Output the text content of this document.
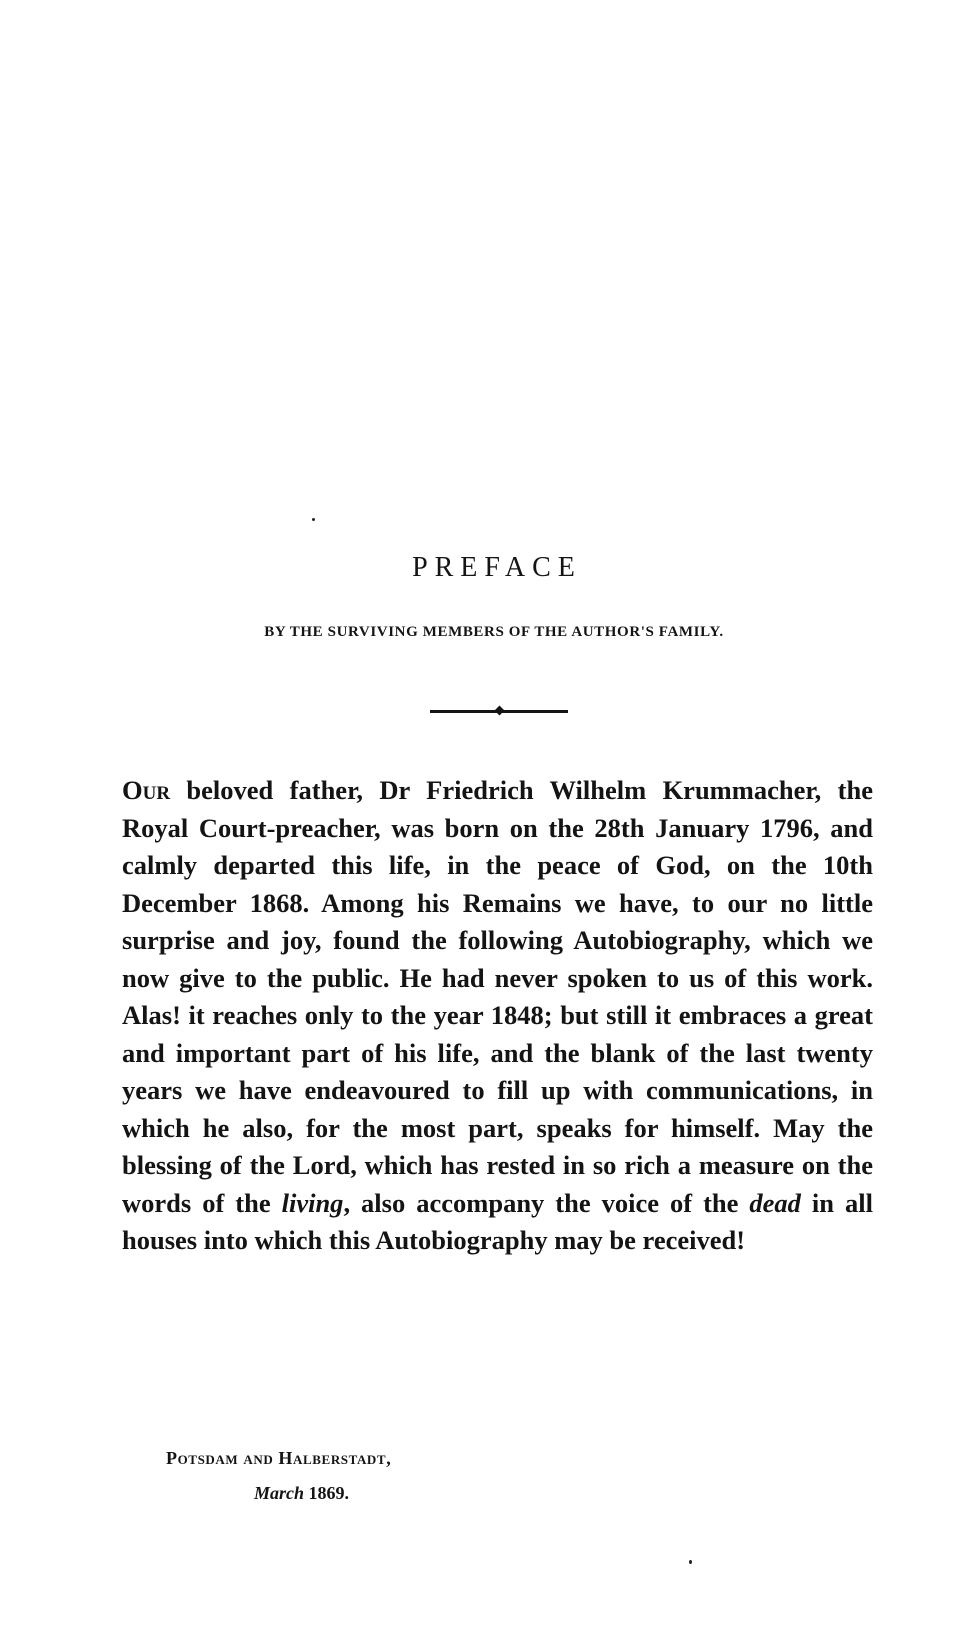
PREFACE
BY THE SURVIVING MEMBERS OF THE AUTHOR'S FAMILY.
Our beloved father, Dr Friedrich Wilhelm Krummacher, the Royal Court-preacher, was born on the 28th January 1796, and calmly departed this life, in the peace of God, on the 10th December 1868. Among his Remains we have, to our no little surprise and joy, found the following Autobiography, which we now give to the public. He had never spoken to us of this work. Alas! it reaches only to the year 1848; but still it embraces a great and important part of his life, and the blank of the last twenty years we have endeavoured to fill up with communications, in which he also, for the most part, speaks for himself. May the blessing of the Lord, which has rested in so rich a measure on the words of the living, also accompany the voice of the dead in all houses into which this Autobiography may be received!
Potsdam and Halberstadt,
March 1869.
